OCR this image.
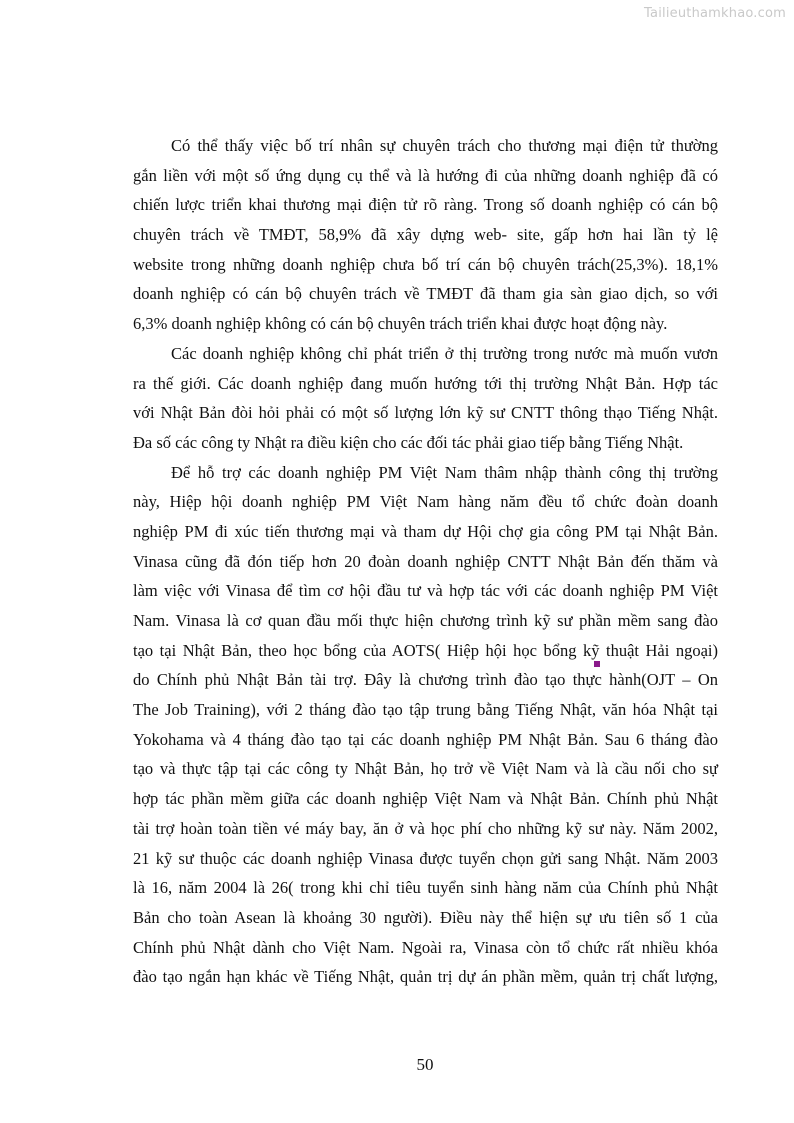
Tailieuthamkhao.com
Có thể thấy việc bố trí nhân sự chuyên trách cho thương mại điện tử thường
gắn liền với một số ứng dụng cụ thể và là hướng đi của những doanh nghiệp đã có
chiến lược triển khai thương mại điện tử rõ ràng. Trong số doanh nghiệp có cán bộ
chuyên trách về TMĐT, 58,9% đã xây dựng web- site, gấp hơn hai lần tỷ lệ
website trong những doanh nghiệp chưa bố trí cán bộ chuyên trách(25,3%). 18,1%
doanh nghiệp có cán bộ chuyên trách về TMĐT đã tham gia sàn giao dịch, so với
6,3% doanh nghiệp không có cán bộ chuyên trách triển khai được hoạt động này.
Các doanh nghiệp không chỉ phát triển ở thị trường trong nước mà muốn vươn
ra thế giới. Các doanh nghiệp đang muốn hướng tới thị trường Nhật Bản. Hợp tác
với Nhật Bản đòi hỏi phải có một số lượng lớn kỹ sư CNTT thông thạo Tiếng Nhật.
Đa số các công ty Nhật ra điều kiện cho các đối tác phải giao tiếp bằng Tiếng Nhật.
Để hỗ trợ các doanh nghiệp PM Việt Nam thâm nhập thành công thị trường
này, Hiệp hội doanh nghiệp PM Việt Nam hàng năm đều tổ chức đoàn doanh
nghiệp PM đi xúc tiến thương mại và tham dự Hội chợ gia công PM tại Nhật Bản.
Vinasa cũng đã đón tiếp hơn 20 đoàn doanh nghiệp CNTT Nhật Bản đến thăm và
làm việc với Vinasa để tìm cơ hội đầu tư và hợp tác với các doanh nghiệp PM Việt
Nam. Vinasa là cơ quan đầu mối thực hiện chương trình kỹ sư phần mềm sang đào
tạo tại Nhật Bản, theo học bổng của AOTS( Hiệp hội học bổng kỹ thuật Hải ngoại)
do Chính phủ Nhật Bản tài trợ. Đây là chương trình đào tạo thực hành(OJT – On
The Job Training), với 2 tháng đào tạo tập trung bằng Tiếng Nhật, văn hóa Nhật tại
Yokohama và 4 tháng đào tạo tại các doanh nghiệp PM Nhật Bản. Sau 6 tháng đào
tạo và thực tập tại các công ty Nhật Bản, họ trở về Việt Nam và là cầu nối cho sự
hợp tác phần mềm giữa các doanh nghiệp Việt Nam và Nhật Bản. Chính phủ Nhật
tài trợ hoàn toàn tiền vé máy bay, ăn ở và học phí cho những kỹ sư này. Năm 2002,
21 kỹ sư thuộc các doanh nghiệp Vinasa được tuyển chọn gửi sang Nhật. Năm 2003
là 16, năm 2004 là 26( trong khi chỉ tiêu tuyển sinh hàng năm của Chính phủ Nhật
Bản cho toàn Asean là khoảng 30 người). Điều này thể hiện sự ưu tiên số 1 của
Chính phủ Nhật dành cho Việt Nam. Ngoài ra, Vinasa còn tổ chức rất nhiều khóa
đào tạo ngắn hạn khác về Tiếng Nhật, quản trị dự án phần mềm, quản trị chất lượng,
50
